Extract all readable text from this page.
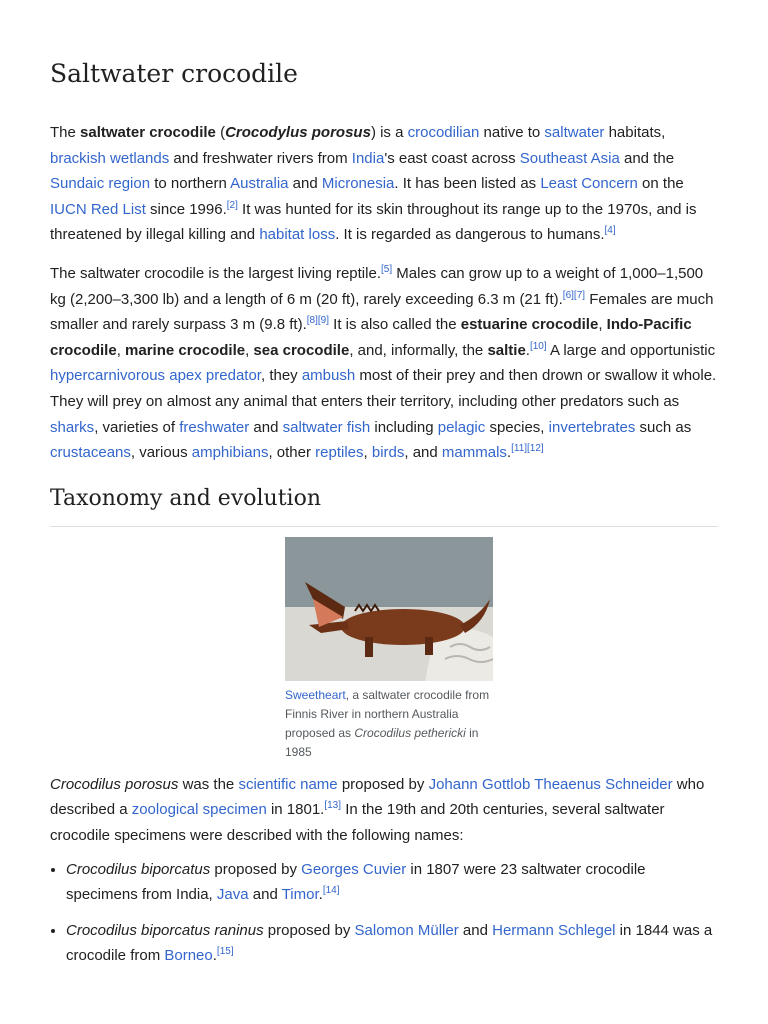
Saltwater crocodile

The saltwater crocodile (Crocodylus porosus) is a crocodilian native to saltwater habitats, brackish wetlands and freshwater rivers from India's east coast across Southeast Asia and the Sundaic region to northern Australia and Micronesia. It has been listed as Least Concern on the IUCN Red List since 1996.[2] It was hunted for its skin throughout its range up to the 1970s, and is threatened by illegal killing and habitat loss. It is regarded as dangerous to humans.[4]

The saltwater crocodile is the largest living reptile.[5] Males can grow up to a weight of 1,000–1,500 kg (2,200–3,300 lb) and a length of 6 m (20 ft), rarely exceeding 6.3 m (21 ft).[6][7] Females are much smaller and rarely surpass 3 m (9.8 ft).[8][9] It is also called the estuarine crocodile, Indo-Pacific crocodile, marine crocodile, sea crocodile, and, informally, the saltie.[10] A large and opportunistic hypercarnivorous apex predator, they ambush most of their prey and then drown or swallow it whole. They will prey on almost any animal that enters their territory, including other predators such as sharks, varieties of freshwater and saltwater fish including pelagic species, invertebrates such as crustaceans, various amphibians, other reptiles, birds, and mammals.[11][12]

Taxonomy and evolution
Sweetheart, a saltwater crocodile from Finnis River in northern Australia proposed as Crocodilus pethericki in 1985

Crocodilus porosus was the scientific name proposed by Johann Gottlob Theaenus Schneider who described a zoological specimen in 1801.[13] In the 19th and 20th centuries, several saltwater crocodile specimens were described with the following names:

• Crocodilus biporcatus proposed by Georges Cuvier in 1807 were 23 saltwater crocodile specimens from India, Java and Timor.[14]
• Crocodilus biporcatus raninus proposed by Salomon Müller and Hermann Schlegel in 1844 was a crocodile from Borneo.[15]
